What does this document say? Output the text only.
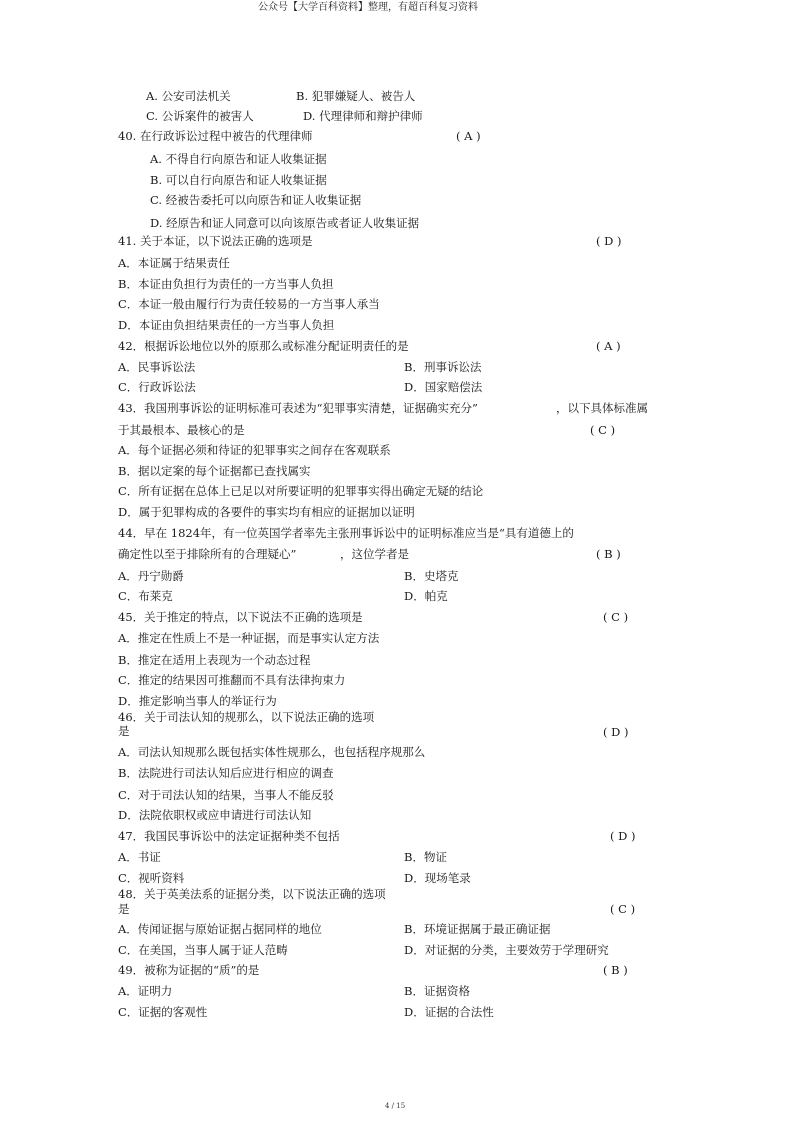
公众号【大学百科资料】整理，有超百科复习资料
A. 公安司法机关	B. 犯罪嫌疑人、被告人
C. 公诉案件的被害人	D. 代理律师和辩护律师
40. 在行政诉讼过程中被告的代理律师	( A )
A. 不得自行向原告和证人收集证据
B. 可以自行向原告和证人收集证据
C. 经被告委托可以向原告和证人收集证据
D. 经原告和证人同意可以向该原告或者证人收集证据
41. 关于本证，以下说法正确的选项是	( D )
A．本证属于结果责任
B．本证由负担行为责任的一方当事人负担
C．本证一般由履行行为责任较易的一方当事人承当
D．本证由负担结果责任的一方当事人负担
42．根据诉讼地位以外的原那么或标准分配证明责任的是	( A )
A．民事诉讼法	B．刑事诉讼法
C．行政诉讼法	D．国家赔偿法
43．我国刑事诉讼的证明标准可表述为“犯罪事实清楚，证据确实充分”	，以下具体标准属
于其最根本、最核心的是	( C )
A．每个证据必须和待证的犯罪事实之间存在客观联系
B．据以定案的每个证据都已查找属实
C．所有证据在总体上已足以对所要证明的犯罪事实得出确定无疑的结论
D．属于犯罪构成的各要件的事实均有相应的证据加以证明
44．早在 1824年，有一位英国学者率先主张刑事诉讼中的证明标准应当是“具有道德上的
确定性以至于排除所有的合理疑心”	，这位学者是	( B )
A．丹宁勋爵	B．史塔克
C．布莱克	D．帕克
45．关于推定的特点，以下说法不正确的选项是	( C )
A．推定在性质上不是一种证据，而是事实认定方法
B．推定在适用上表现为一个动态过程
C．推定的结果因可推翻而不具有法律拘束力
D．推定影响当事人的举证行为
46．关于司法认知的规那么，以下说法正确的选项
是	( D )
A．司法认知规那么既包括实体性规那么，也包括程序规那么
B．法院进行司法认知后应进行相应的调查
C．对于司法认知的结果，当事人不能反驳
D．法院依职权或应申请进行司法认知
47．我国民事诉讼中的法定证据种类不包括	( D )
A．书证	B．物证
C．视听资料	D．现场笔录
48．关于英美法系的证据分类，以下说法正确的选项
是	( C )
A．传闻证据与原始证据占据同样的地位	B．环境证据属于最正确证据
C．在美国，当事人属于证人范畴	D．对证据的分类，主要效劳于学理研究
49．被称为证据的“质”的是	( B )
A．证明力	B．证据资格
C．证据的客观性	D．证据的合法性
4 / 15
